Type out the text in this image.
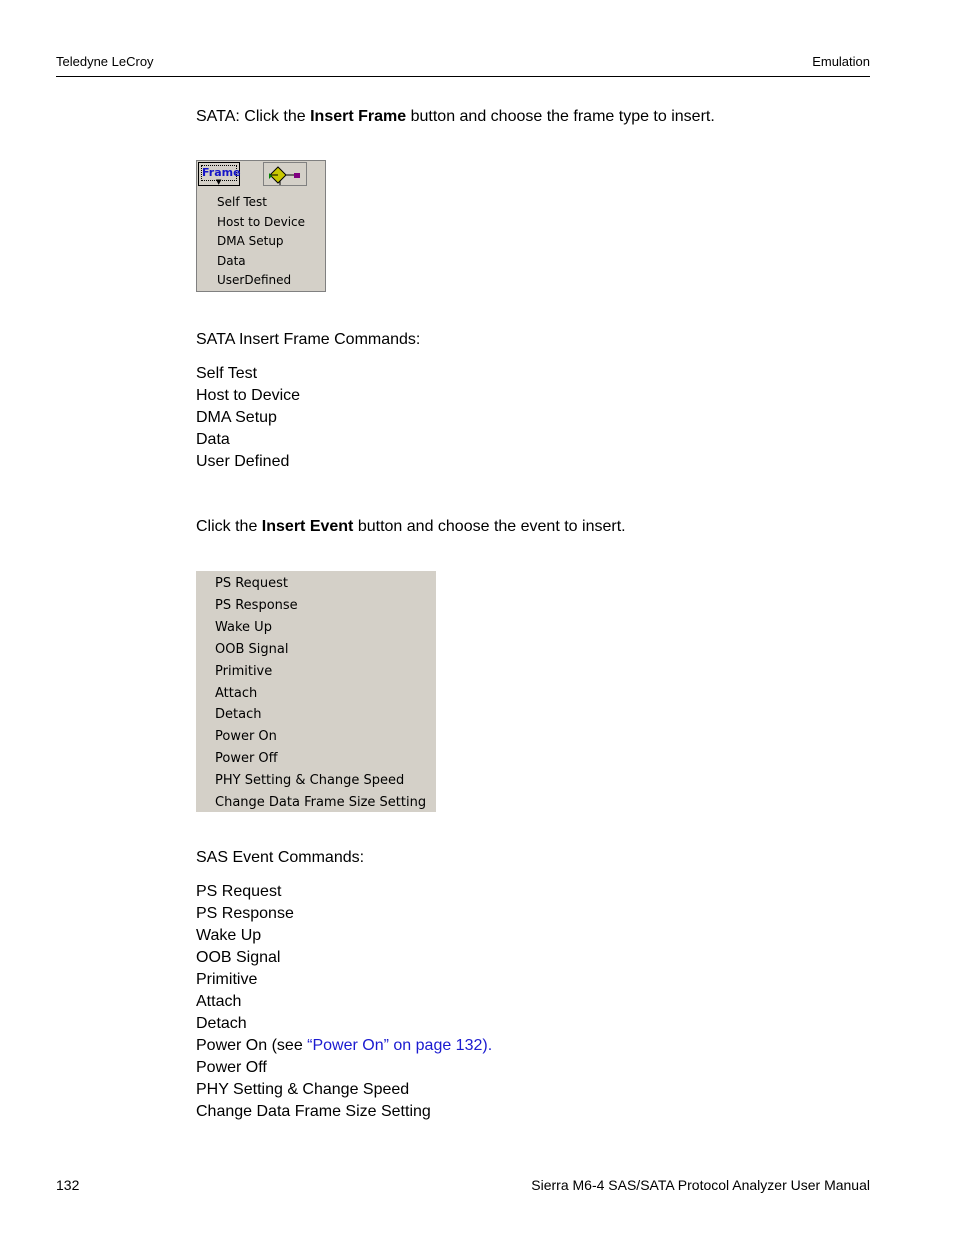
Teledyne LeCroy	Emulation
SATA: Click the Insert Frame button and choose the frame type to insert.
SATA Insert Frame Commands:
Self Test
Host to Device
DMA Setup
Data
User Defined
Click the Insert Event button and choose the event to insert.
SAS Event Commands:
PS Request
PS Response
Wake Up
OOB Signal
Primitive
Attach
Detach
Power On (see “Power On” on page 132).
Power Off
PHY Setting & Change Speed
Change Data Frame Size Setting
Frame
▼
Self Test
Host to Device
DMA Setup
Data
UserDefined
PS Request
PS Response
Wake Up
OOB Signal
Primitive
Attach
Detach
Power On
Power Off
PHY Setting & Change Speed
Change Data Frame Size Setting
132	Sierra M6-4 SAS/SATA Protocol Analyzer User Manual
